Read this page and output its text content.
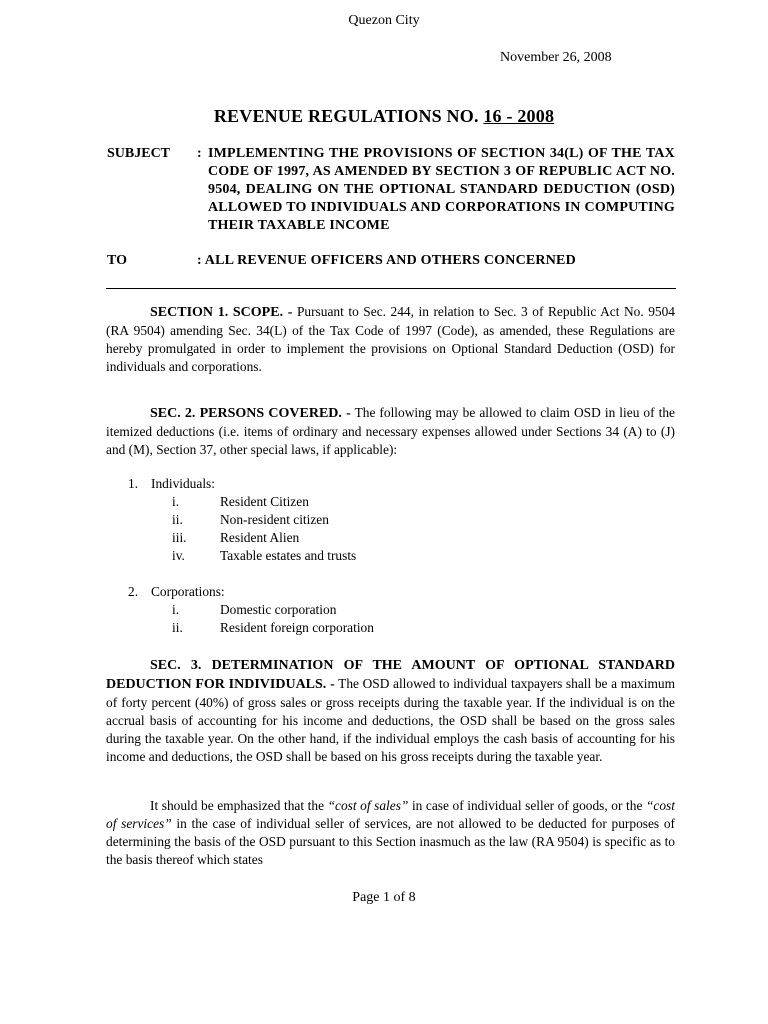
Quezon City
November 26, 2008
REVENUE REGULATIONS NO. 16 - 2008
SUBJECT : IMPLEMENTING THE PROVISIONS OF SECTION 34(L) OF THE TAX CODE OF 1997, AS AMENDED BY SECTION 3 OF REPUBLIC ACT NO. 9504, DEALING ON THE OPTIONAL STANDARD DEDUCTION (OSD) ALLOWED TO INDIVIDUALS AND CORPORATIONS IN COMPUTING THEIR TAXABLE INCOME
TO	: ALL REVENUE OFFICERS AND OTHERS CONCERNED
SECTION 1. SCOPE. - Pursuant to Sec. 244, in relation to Sec. 3 of Republic Act No. 9504 (RA 9504) amending Sec. 34(L) of the Tax Code of 1997 (Code), as amended, these Regulations are hereby promulgated in order to implement the provisions on Optional Standard Deduction (OSD) for individuals and corporations.
SEC. 2. PERSONS COVERED. - The following may be allowed to claim OSD in lieu of the itemized deductions (i.e. items of ordinary and necessary expenses allowed under Sections 34 (A) to (J) and (M), Section 37, other special laws, if applicable):
1. Individuals:
i.	Resident Citizen
ii.	Non-resident citizen
iii. Resident Alien
iv.	Taxable estates and trusts
2. Corporations:
i.	Domestic corporation
ii.	Resident foreign corporation
SEC. 3. DETERMINATION OF THE AMOUNT OF OPTIONAL STANDARD DEDUCTION FOR INDIVIDUALS. - The OSD allowed to individual taxpayers shall be a maximum of forty percent (40%) of gross sales or gross receipts during the taxable year. If the individual is on the accrual basis of accounting for his income and deductions, the OSD shall be based on the gross sales during the taxable year. On the other hand, if the individual employs the cash basis of accounting for his income and deductions, the OSD shall be based on his gross receipts during the taxable year.
It should be emphasized that the “cost of sales” in case of individual seller of goods, or the “cost of services” in the case of individual seller of services, are not allowed to be deducted for purposes of determining the basis of the OSD pursuant to this Section inasmuch as the law (RA 9504) is specific as to the basis thereof which states
Page 1 of 8
